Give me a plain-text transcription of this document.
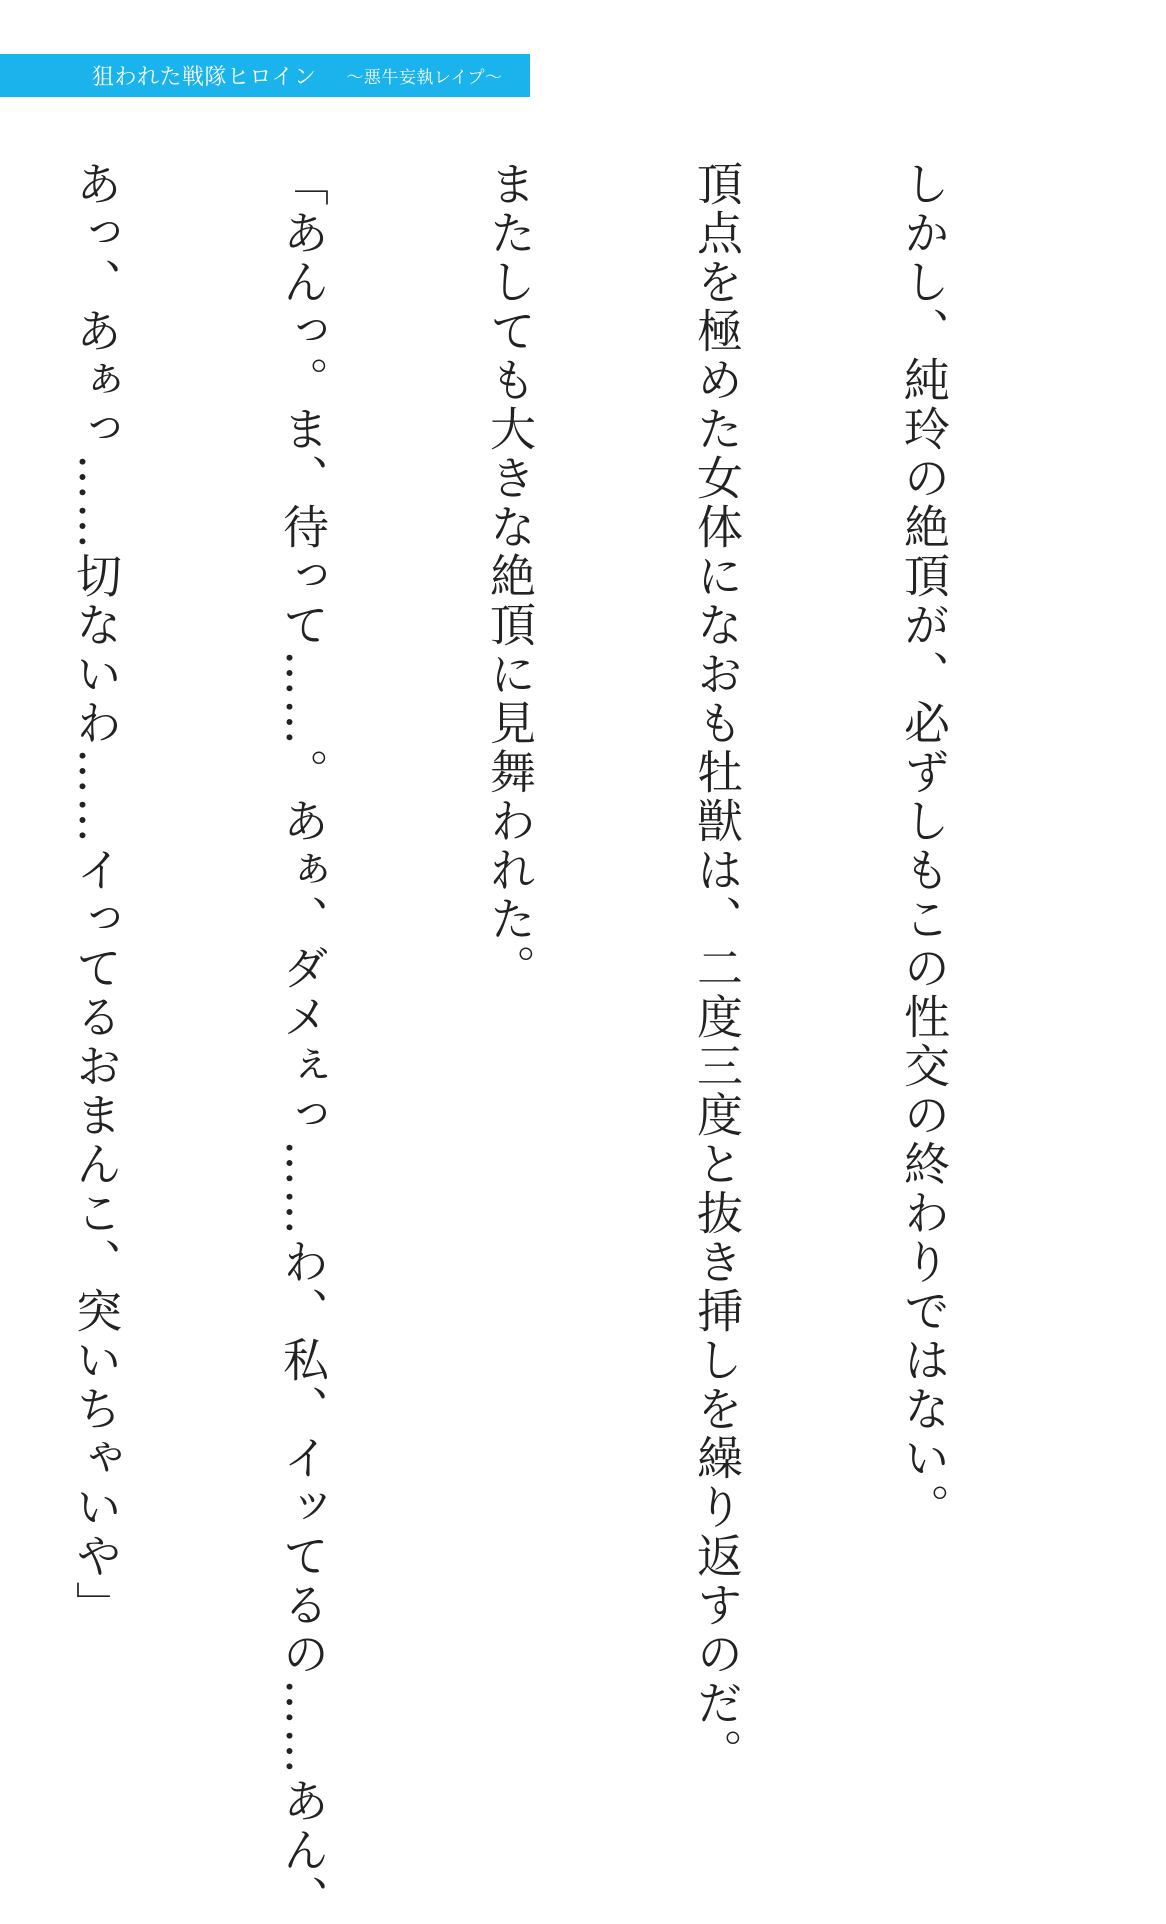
狙われた戦隊ヒロイン ～悪牛妄執レイプ～

しかし、純玲の絶頂が、必ずしもこの性交の終わりではない。

頂点を極めた女体になおも牡獣は、二度三度と抜き挿しを繰り返すのだ。

またしても大きな絶頂に見舞われた。

「あんっ。ま、待って……。あぁ、ダメぇっ……わ、私、イッてるの……あん、

あっ、あぁっ……切ないわ……イってるおまんこ、突いちゃいや」
